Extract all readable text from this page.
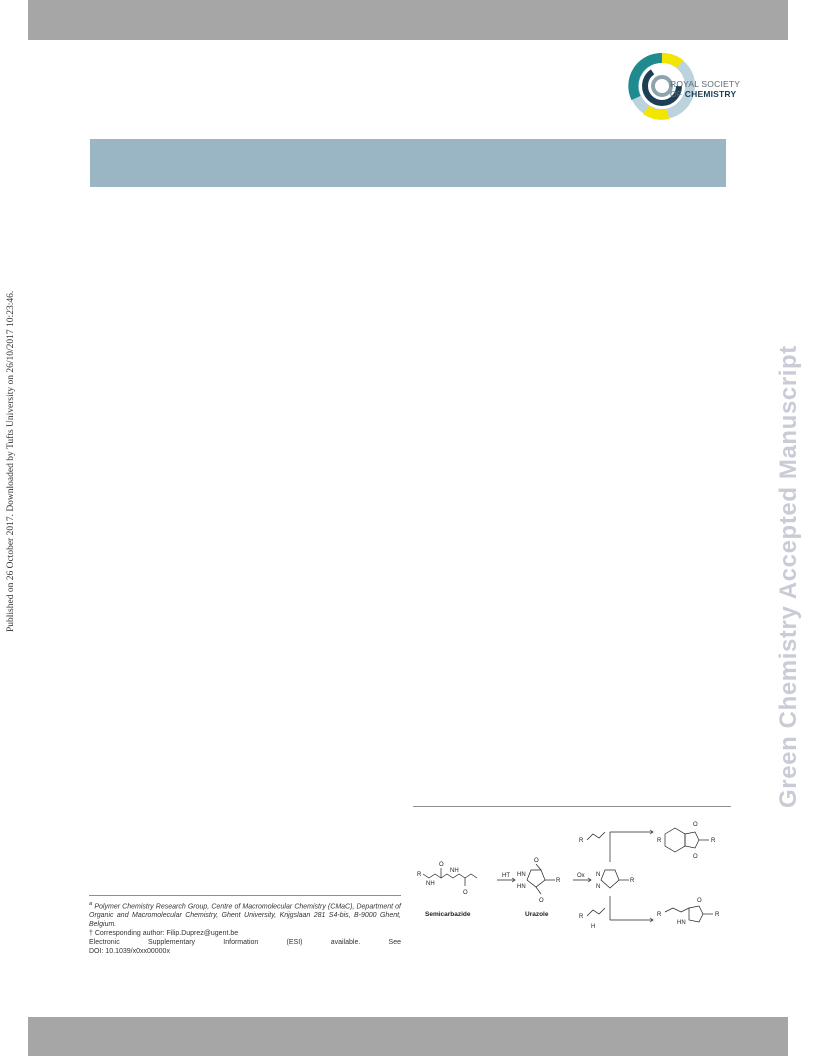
ROYAL SOCIETY
OF CHEMISTRY
Published on 26 October 2017. Downloaded by Tufts University on 26/10/2017 10:23:46.	Green Chemistry Accepted Manuscript
R
NH
O
NH
O
HT	Ox
O
HN
HN
R
O
N
N
R
R
R
H
R
O
O
R
R
HN
O
R
Semicarbazide	Urazole

$^a$ Polymer Chemistry Research Group, Centre of Macromolecular Chemistry (CMaC), Department of Organic and Macromolecular Chemistry, Ghent University, Krijgslaan 281 S4-bis, B-9000 Ghent, Belgium.

† Corresponding author: Filip.Duprez@ugent.be

Electronic Supplementary Information (ESI) available. See

DOI: 10.1039/x0xx00000x
